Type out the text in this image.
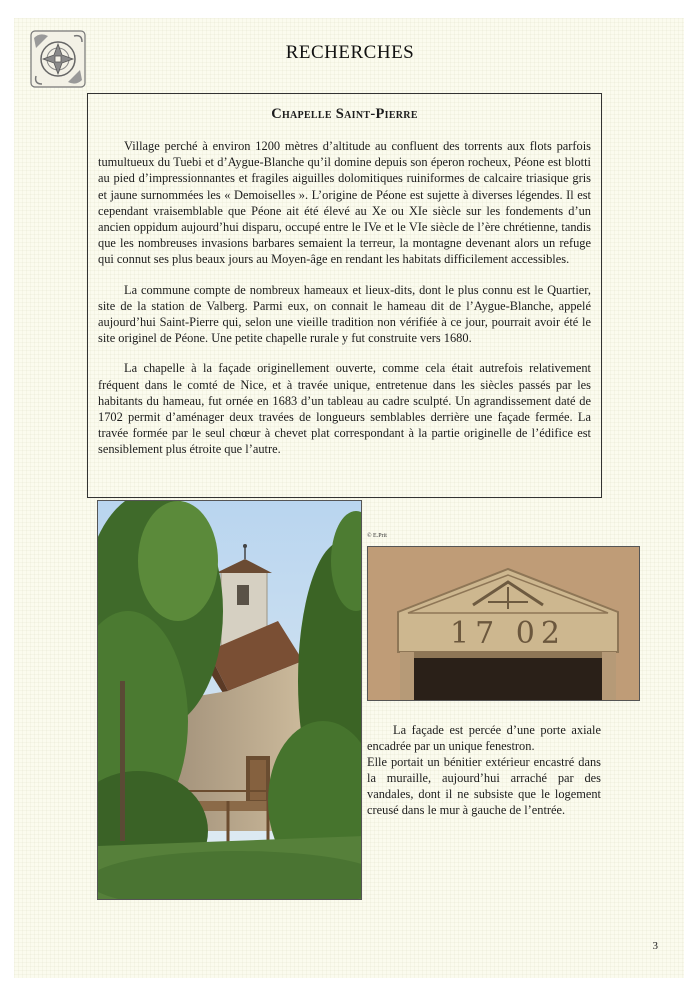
RECHERCHES
Chapelle Saint-Pierre

Village perché à environ 1200 mètres d’altitude au confluent des torrents aux flots parfois tumultueux du Tuebi et d’Aygue-Blanche qu’il domine depuis son éperon rocheux, Péone est blotti au pied d’impressionnantes et fragiles aiguilles dolomitiques ruiniformes de calcaire triasique gris et jaune surnommées les « Demoiselles ». L’origine de Péone est sujette à diverses légendes. Il est cependant vraisemblable que Péone ait été élevé au Xe ou XIe siècle sur les fondements d’un ancien oppidum aujourd’hui disparu, occupé entre le IVe et le VIe siècle de l’ère chrétienne, tandis que les nombreuses invasions barbares semaient la terreur, la montagne devenant alors un refuge qui connut ses plus beaux jours au Moyen-âge en rendant les habitats difficilement accessibles.

La commune compte de nombreux hameaux et lieux-dits, dont le plus connu est le Quartier, site de la station de Valberg. Parmi eux, on connait le hameau dit de l’Aygue-Blanche, appelé aujourd’hui Saint-Pierre qui, selon une vieille tradition non vérifiée à ce jour, pourrait avoir été le site originel de Péone. Une petite chapelle rurale y fut construite vers 1680.

La chapelle à la façade originellement ouverte, comme cela était autrefois relativement fréquent dans le comté de Nice, et à travée unique, entretenue dans les siècles passés par les habitants du hameau, fut ornée en 1683 d’un tableau au cadre sculpté. Un agrandissement daté de 1702 permit d’aménager deux travées de longueurs semblables derrière une façade fermée. La travée formée par le seul chœur à chevet plat correspondant à la partie originelle de l’édifice est sensiblement plus étroite que l’autre.

© E.Prit
17 02
La façade est percée d’une porte axiale encadrée par un unique fenestron.
Elle portait un bénitier extérieur encastré dans la muraille, aujourd’hui arraché par des vandales, dont il ne subsiste que le logement creusé dans le mur à gauche de l’entrée.
3
